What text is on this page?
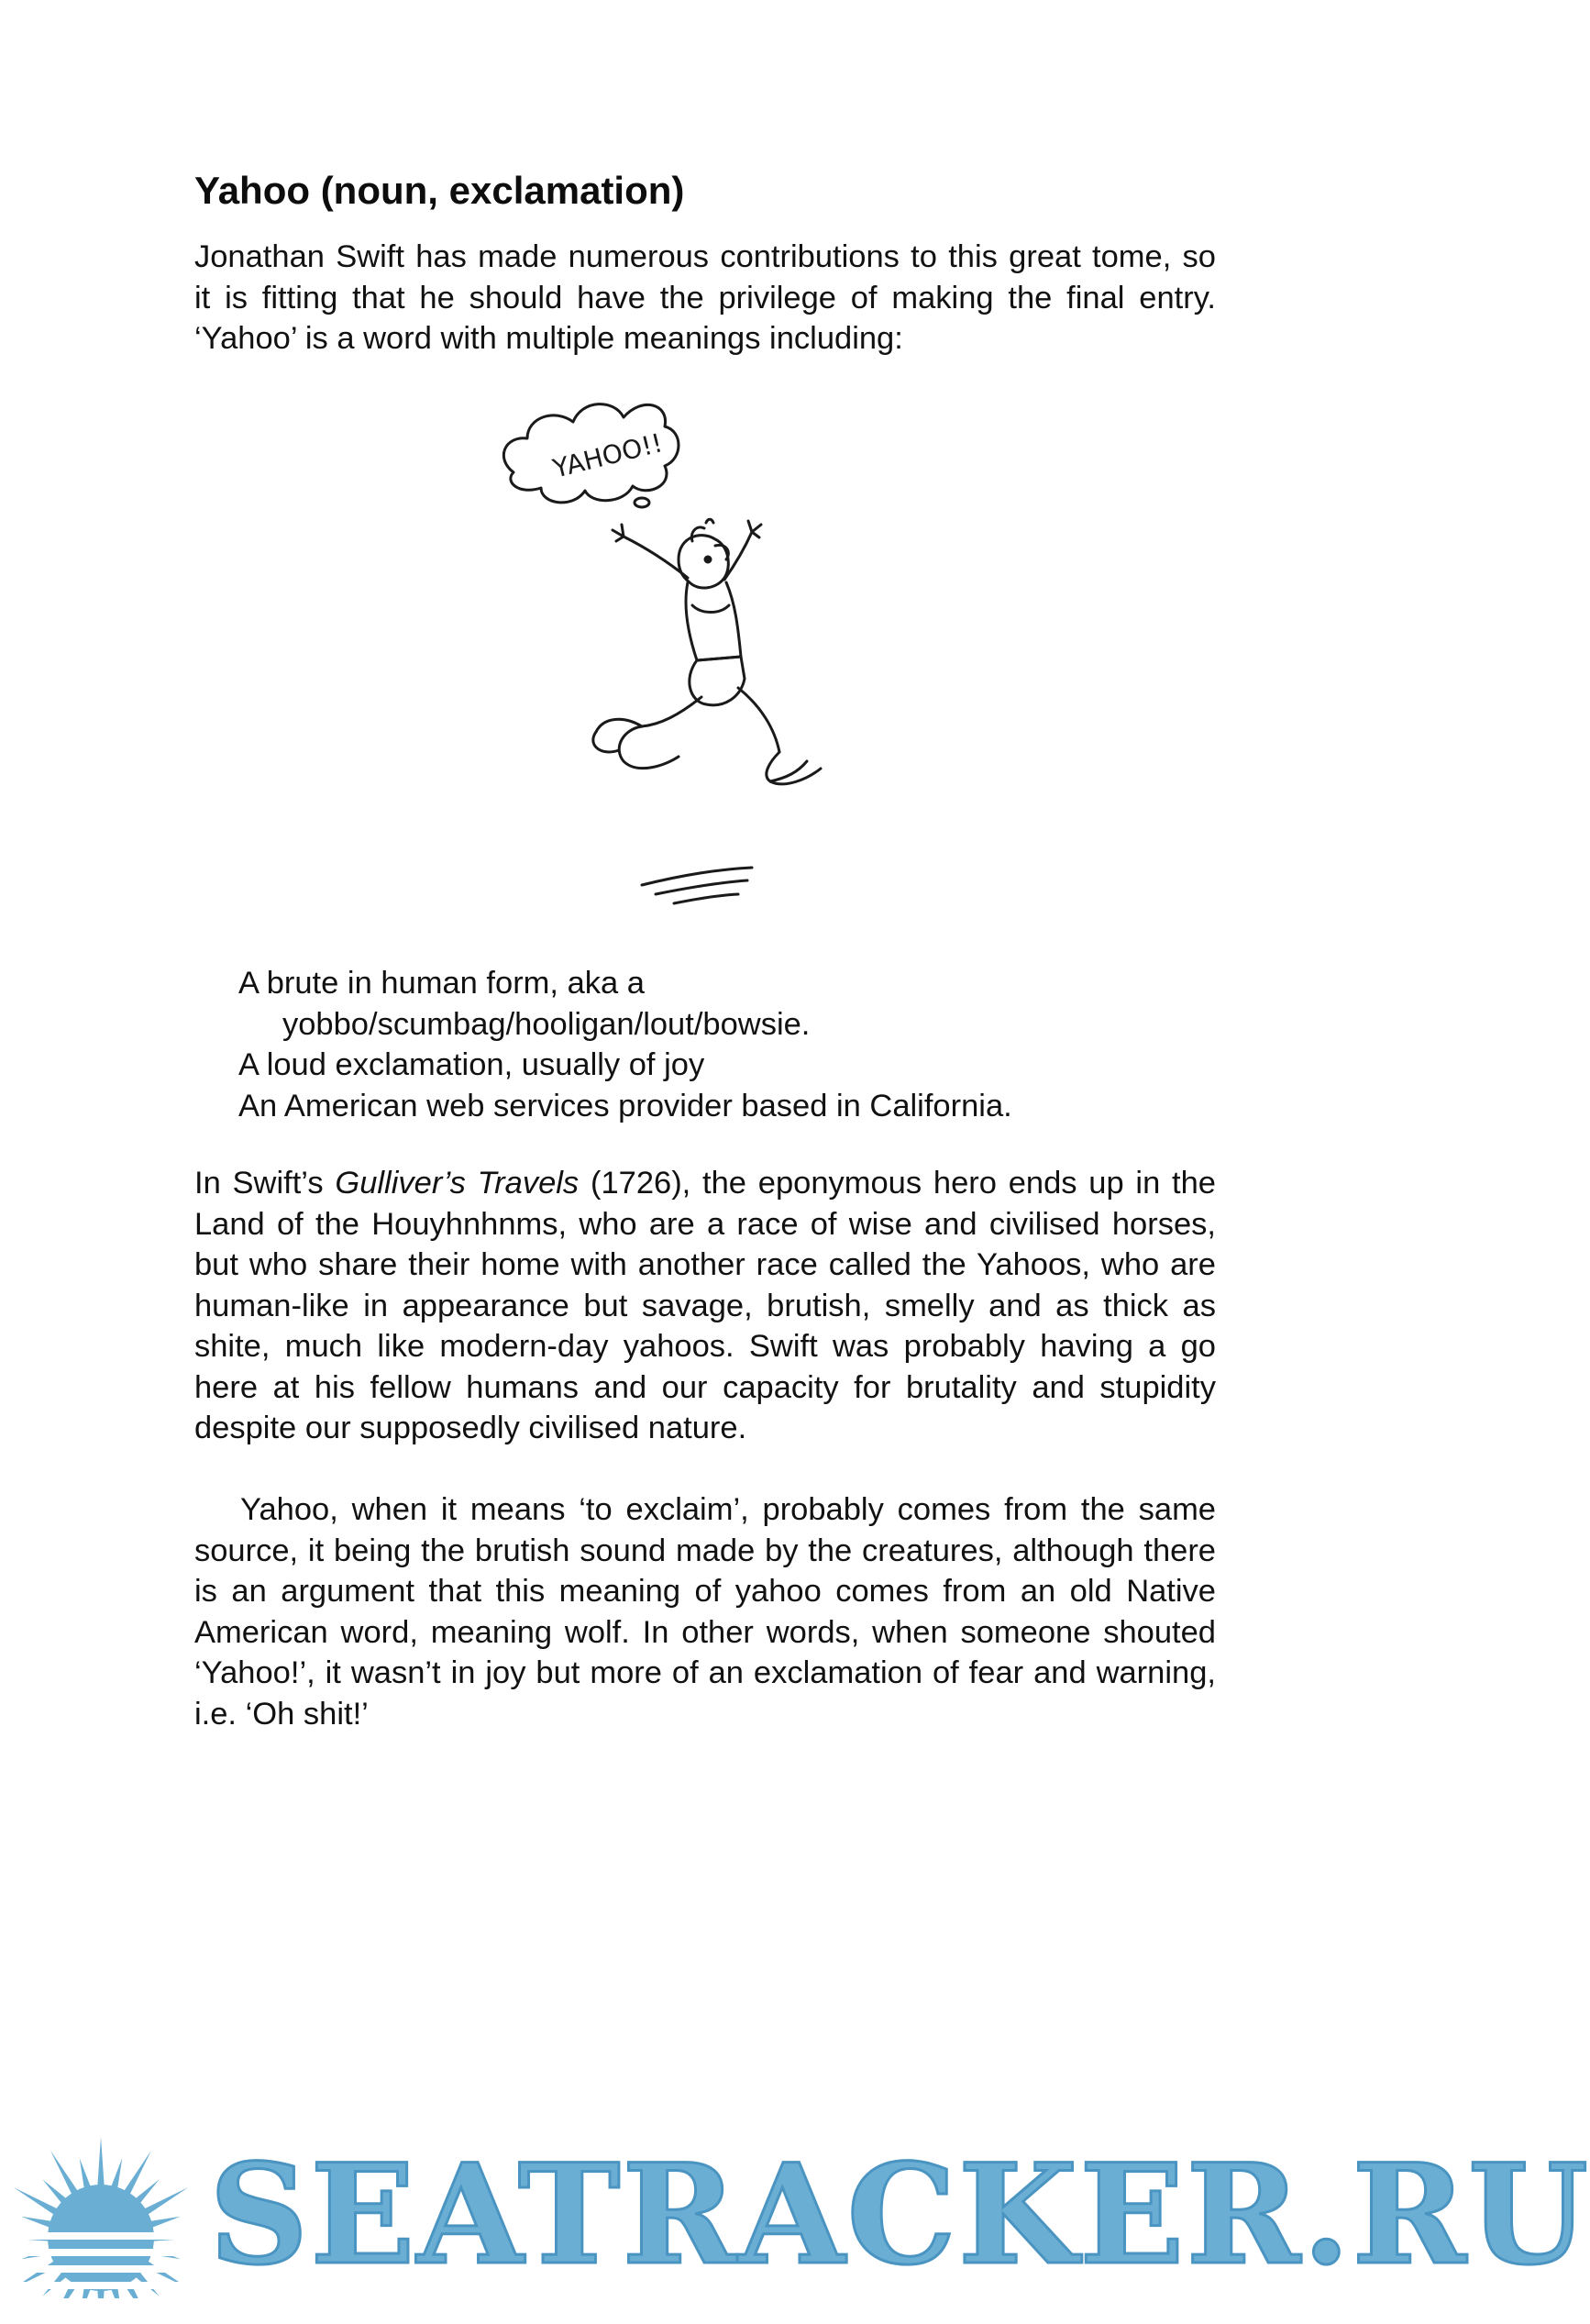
Yahoo (noun, exclamation)

Jonathan Swift has made numerous contributions to this great tome, so it is fitting that he should have the privilege of making the final entry. ‘Yahoo’ is a word with multiple meanings including:

YAHOO!!
A brute in human form, aka a
yobbo/scumbag/hooligan/lout/bowsie.
A loud exclamation, usually of joy
An American web services provider based in California.

In Swift’s Gulliver’s Travels (1726), the eponymous hero ends up in the Land of the Houyhnhnms, who are a race of wise and civilised horses, but who share their home with another race called the Yahoos, who are human-like in appearance but savage, brutish, smelly and as thick as shite, much like modern-day yahoos. Swift was probably having a go here at his fellow humans and our capacity for brutality and stupidity despite our supposedly civilised nature.

Yahoo, when it means ‘to exclaim’, probably comes from the same source, it being the brutish sound made by the creatures, although there is an argument that this meaning of yahoo comes from an old Native American word, meaning wolf. In other words, when someone shouted ‘Yahoo!’, it wasn’t in joy but more of an exclamation of fear and warning, i.e. ‘Oh shit!’

SEATRACKER.RU
